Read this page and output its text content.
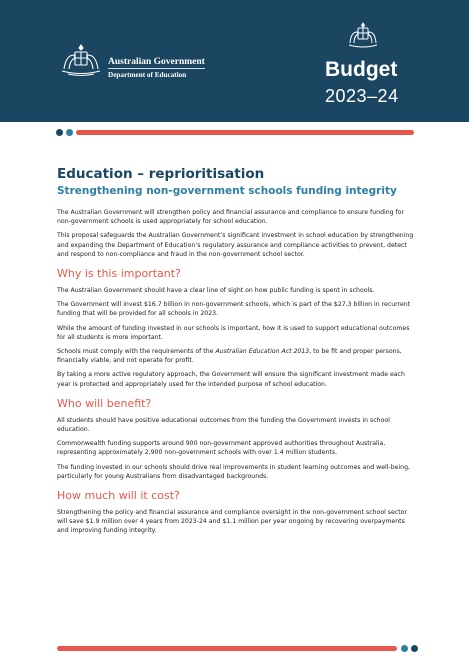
Australian Government
Department of Education	Budget
2023–24
Education – reprioritisation
Strengthening non-government schools funding integrity

The Australian Government will strengthen policy and financial assurance and compliance to ensure funding for non-government schools is used appropriately for school education.

This proposal safeguards the Australian Government’s significant investment in school education by strengthening and expanding the Department of Education’s regulatory assurance and compliance activities to prevent, detect and respond to non-compliance and fraud in the non-government school sector.

Why is this important?

The Australian Government should have a clear line of sight on how public funding is spent in schools.

The Government will invest $16.7 billion in non-government schools, which is part of the $27.3 billion in recurrent funding that will be provided for all schools in 2023.

While the amount of funding invested in our schools is important, how it is used to support educational outcomes for all students is more important.

Schools must comply with the requirements of the Australian Education Act 2013, to be fit and proper persons, financially viable, and not operate for profit.

By taking a more active regulatory approach, the Government will ensure the significant investment made each year is protected and appropriately used for the intended purpose of school education.

Who will benefit?

All students should have positive educational outcomes from the funding the Government invests in school education.

Commonwealth funding supports around 900 non-government approved authorities throughout Australia, representing approximately 2,900 non-government schools with over 1.4 million students.

The funding invested in our schools should drive real improvements in student learning outcomes and well-being, particularly for young Australians from disadvantaged backgrounds.

How much will it cost?

Strengthening the policy and financial assurance and compliance oversight in the non-government school sector will save $1.9 million over 4 years from 2023-24 and $1.1 million per year ongoing by recovering overpayments and improving funding integrity.
